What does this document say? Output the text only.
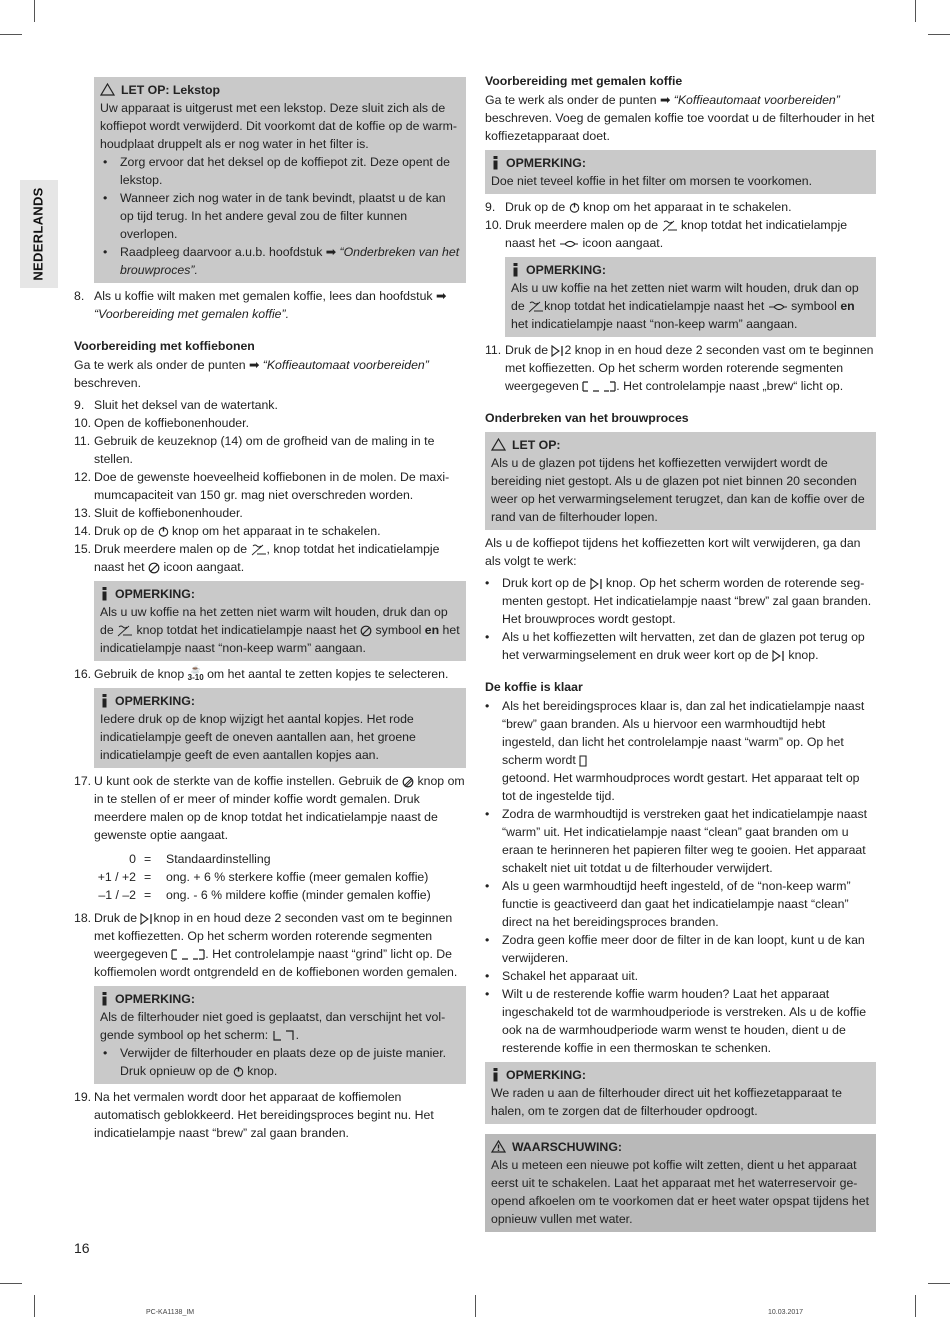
NEDERLANDS
LET OP: Lekstop

Uw apparaat is uitgerust met een lekstop. Deze sluit zich als de koffiepot wordt verwijderd. Dit voorkomt dat de koffie op de warmhoudplaat druppelt als er nog water in het filter is.

•	Zorg ervoor dat het deksel op de koffiepot zit. Deze opent de lekstop.
•	Wanneer zich nog water in de tank bevindt, plaatst u de kan op tijd terug. In het andere geval zou de filter kunnen overlopen.
•	Raadpleeg daarvoor a.u.b. hoofdstuk ➡ “Onderbreken van het brouwproces”.
8. Als u koffie wilt maken met gemalen koffie, lees dan hoofdstuk ➡
“Voorbereiding met gemalen koffie”.

Voorbereiding met koffiebonen

Ga te werk als onder de punten ➡ “Koffieautomaat voorbereiden”
beschreven.

9. Sluit het deksel van de watertank.
10. Open de koffiebonenhouder.
11. Gebruik de keuzeknop (14) om de grofheid van de maling in te stellen.
12. Doe de gewenste hoeveelheid koffiebonen in de molen. De maximumcapaciteit van 150 gr. mag niet overschreden worden.
13. Sluit de koffiebonenhouder.
14. Druk op de knop om het apparaat in te schakelen.
15. Druk meerdere malen op de , knop totdat het indicatielampje naast het icoon aangaat.
OPMERKING:

Als u uw koffie na het zetten niet warm wilt houden, druk dan op de knop totdat het indicatielampje naast het symbool en het indicatielampje naast “non-keep warm” aangaan.

16. Gebruik de knop ☕
3-10 om het aantal te zetten kopjes te selecteren.
OPMERKING:

Iedere druk op de knop wijzigt het aantal kopjes. Het rode indicatielampje geeft de oneven aantallen aan, het groene indicatielampje geeft de even aantallen kopjes aan.

17. U kunt ook de sterkte van de koffie instellen. Gebruik de knop om in te stellen of er meer of minder koffie wordt gemalen. Druk meerdere malen op de knop totdat het indicatielampje naast de gewenste optie aangaat.
0 =	Standaardinstelling
+1 / +2 =	ong. + 6 % sterkere koffie (meer gemalen koffie)
–1 / –2 =	ong. - 6 % mildere koffie (minder gemalen koffie)
18. Druk de knop in en houd deze 2 seconden vast om te beginnen met koffiezetten. Op het scherm worden roterende segmenten weergegeven	. Het controlelampje naast “grind” licht op. De koffiemolen wordt ontgrendeld en de koffiebonen worden gemalen.
OPMERKING:

Als de filterhouder niet goed is geplaatst, dan verschijnt het volgende symbool op het scherm: .

•	Verwijder de filterhouder en plaats deze op de juiste manier. Druk opnieuw op de knop.
19. Na het vermalen wordt door het apparaat de koffiemolen automatisch geblokkeerd. Het bereidingsproces begint nu. Het indicatielampje naast “brew” zal gaan branden.

Voorbereiding met gemalen koffie

Ga te werk als onder de punten ➡ “Koffieautomaat voorbereiden” beschreven. Voeg de gemalen koffie toe voordat u de filterhouder in het koffiezetapparaat doet.

OPMERKING:

Doe niet teveel koffie in het filter om morsen te voorkomen.

9. Druk op de knop om het apparaat in te schakelen.
10. Druk meerdere malen op de knop totdat het indicatielampje naast het icoon aangaat.
OPMERKING:

Als u uw koffie na het zetten niet warm wilt houden, druk dan op de knop totdat het indicatielampje naast het symbool en het indicatielampje naast “non-keep warm” aangaan.

11. Druk de 2 knop in en houd deze 2 seconden vast om te beginnen met koffiezetten. Op het scherm worden roterende segmenten weergegeven	. Het controlelampje naast „brew“ licht op.

Onderbreken van het brouwproces

LET OP:

Als u de glazen pot tijdens het koffiezetten verwijdert wordt de bereiding niet gestopt. Als u de glazen pot niet binnen 20 seconden weer op het verwarmingselement terugzet, dan kan de koffie over de rand van de filterhouder lopen.

Als u de koffiepot tijdens het koffiezetten kort wilt verwijderen, ga dan als volgt te werk:

•	Druk kort op de knop. Op het scherm worden de roterende segmenten gestopt. Het indicatielampje naast “brew” zal gaan branden. Het brouwproces wordt gestopt.
•	Als u het koffiezetten wilt hervatten, zet dan de glazen pot terug op het verwarmingselement en druk weer kort op de knop.

De koffie is klaar

•	Als het bereidingsproces klaar is, dan zal het indicatielampje naast “brew” gaan branden. Als u hiervoor een warmhoudtijd hebt ingesteld, dan licht het controlelampje naast “warm” op. Op het scherm wordt
getoond. Het warmhoudproces wordt gestart. Het apparaat telt op tot de ingestelde tijd.
•	Zodra de warmhoudtijd is verstreken gaat het indicatielampje naast “warm” uit. Het indicatielampje naast “clean” gaat branden om u eraan te herinneren het papieren filter weg te gooien. Het apparaat schakelt niet uit totdat u de filterhouder verwijdert.
•	Als u geen warmhoudtijd heeft ingesteld, of de “non-keep warm” functie is geactiveerd dan gaat het indicatielampje naast “clean” direct na het bereidingsproces branden.
•	Zodra geen koffie meer door de filter in de kan loopt, kunt u de kan verwijderen.
•	Schakel het apparaat uit.
•	Wilt u de resterende koffie warm houden? Laat het apparaat ingeschakeld tot de warmhoudperiode is verstreken. Als u de koffie ook na de warmhoudperiode warm wenst te houden, dient u de resterende koffie in een thermoskan te schenken.
OPMERKING:

We raden u aan de filterhouder direct uit het koffiezetapparaat te halen, om te zorgen dat de filterhouder opdroogt.

WAARSCHUWING:

Als u meteen een nieuwe pot koffie wilt zetten, dient u het apparaat eerst uit te schakelen. Laat het apparaat met het waterreservoir geopend afkoelen om te voorkomen dat er heet water opspat tijdens het opnieuw vullen met water.

16
PC-KA1138_IM	10.03.2017
